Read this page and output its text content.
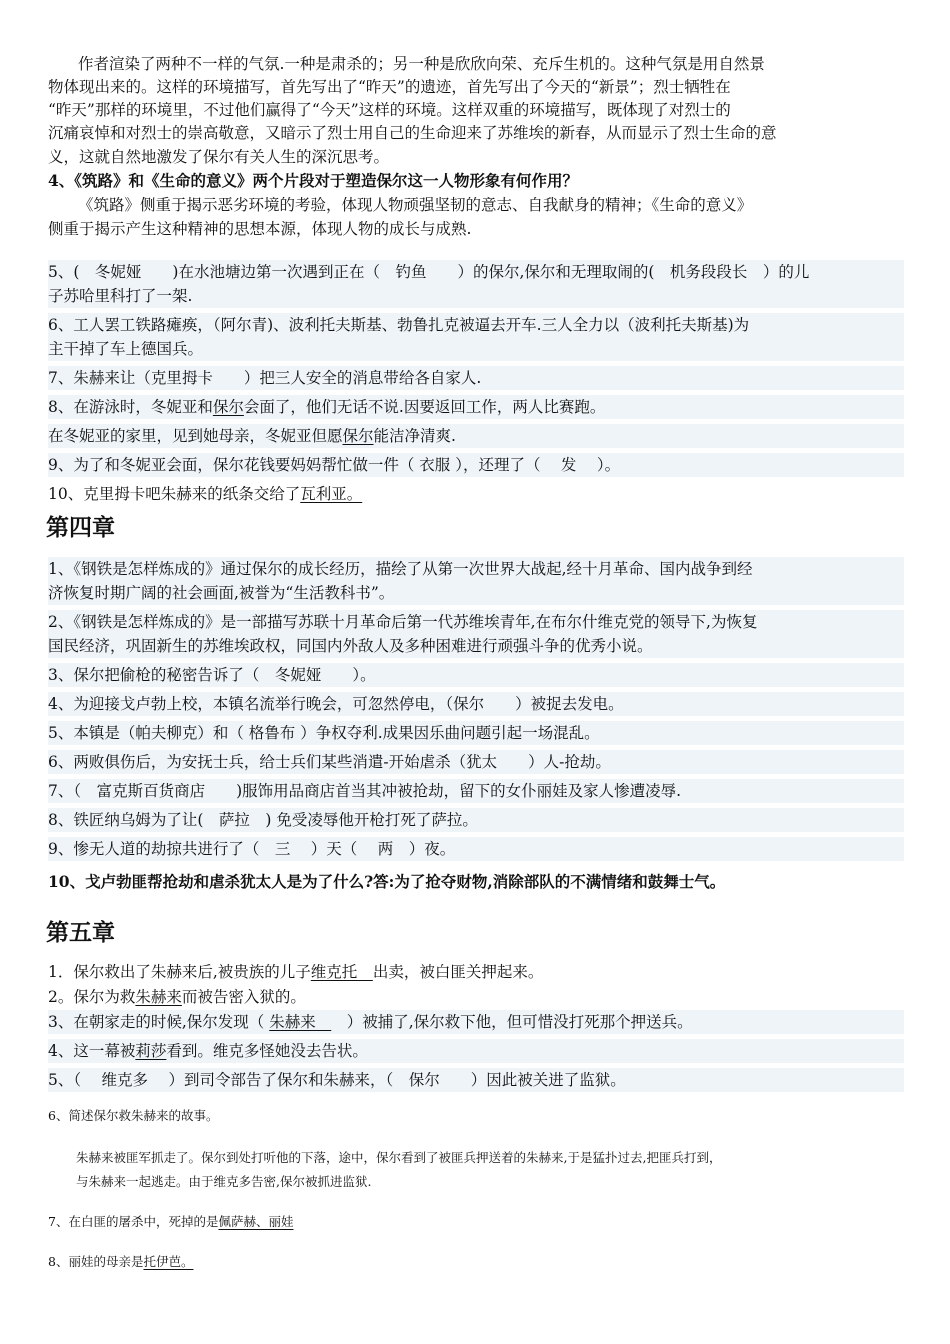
作者渲染了两种不一样的气氛.一种是肃杀的；另一种是欣欣向荣、充斥生机的。这种气氛是用自然景
物体现出来的。这样的环境描写，首先写出了“昨天”的遗迹，首先写出了今天的“新景”；烈士牺牲在
“昨天”那样的环境里，不过他们赢得了“今天”这样的环境。这样双重的环境描写，既体现了对烈士的
沉痛哀悼和对烈士的崇高敬意，又暗示了烈士用自己的生命迎来了苏维埃的新春，从而显示了烈士生命的意
义，这就自然地激发了保尔有关人生的深沉思考。
4、《筑路》和《生命的意义》两个片段对于塑造保尔这一人物形象有何作用？
《筑路》侧重于揭示恶劣环境的考验，体现人物顽强坚韧的意志、自我献身的精神；《生命的意义》
侧重于揭示产生这种精神的思想本源，体现人物的成长与成熟.
5、(　冬妮娅　　)在水池塘边第一次遇到正在（　钓鱼　　）的保尔,保尔和无理取闹的(　机务段段长　）的儿
子苏哈里科打了一架.
6、工人罢工铁路瘫痪，（阿尔青)、波利托夫斯基、勃鲁扎克被逼去开车.三人全力以（波利托夫斯基)为
主干掉了车上德国兵。
7、朱赫来让（克里拇卡　　）把三人安全的消息带给各自家人.
8、在游泳时，冬妮亚和保尔会面了，他们无话不说.因要返回工作，两人比赛跑。
在冬妮亚的家里，见到她母亲，冬妮亚但愿保尔能洁净清爽.
9、为了和冬妮亚会面，保尔花钱要妈妈帮忙做一件（ 衣服 ），还理了（　 发　 ）。
10、克里拇卡吧朱赫来的纸条交给了瓦利亚。
第四章
1、《钢铁是怎样炼成的》通过保尔的成长经历，描绘了从第一次世界大战起,经十月革命、国内战争到经
济恢复时期广阔的社会画面,被誉为“生活教科书”。
2、《钢铁是怎样炼成的》是一部描写苏联十月革命后第一代苏维埃青年,在布尔什维克党的领导下,为恢复
国民经济，巩固新生的苏维埃政权，同国内外敌人及多种困难进行顽强斗争的优秀小说。
3、保尔把偷枪的秘密告诉了（　冬妮娅　　）。
4、为迎接戈卢勃上校，本镇名流举行晚会，可忽然停电，（保尔　　）被捉去发电。
5、本镇是（帕夫柳克）和（ 格鲁布 ）争权夺利.成果因乐曲问题引起一场混乱。
6、两败俱伤后，为安抚士兵，给士兵们某些消遣-开始虐杀（犹太　　）人-抢劫。
7、（　富克斯百货商店　　)服饰用品商店首当其冲被抢劫，留下的女仆丽娃及家人惨遭凌辱.
8、铁匠纳乌姆为了让(　萨拉　) 免受凌辱他开枪打死了萨拉。
9、惨无人道的劫掠共进行了（　三　 ）天（　 两　）夜。
10、戈卢勃匪帮抢劫和虐杀犹太人是为了什么?答:为了抢夺财物,消除部队的不满情绪和鼓舞士气。
第五章
1．保尔救出了朱赫来后,被贵族的儿子维克托　出卖，被白匪关押起来。
2。保尔为救朱赫来而被告密入狱的。
3、在朝家走的时候,保尔发现（ 朱赫来　　）被捕了,保尔救下他，但可惜没打死那个押送兵。
4、这一幕被莉莎看到。维克多怪她没去告状。
5、（　 维克多　 ）到司令部告了保尔和朱赫来，（　保尔　　）因此被关进了监狱。
6、简述保尔救朱赫来的故事。
朱赫来被匪军抓走了。保尔到处打听他的下落，途中，保尔看到了被匪兵押送着的朱赫来,于是猛扑过去,把匪兵打到，
与朱赫来一起逃走。由于维克多告密,保尔被抓进监狱.
7、在白匪的屠杀中，死掉的是佩萨赫、丽娃
8、丽娃的母亲是托伊芭。
